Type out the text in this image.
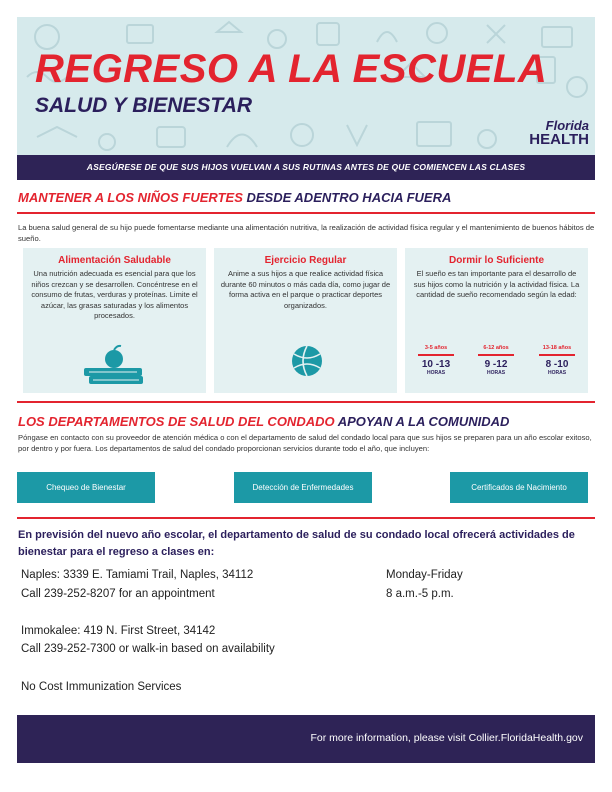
REGRESO A LA ESCUELA
SALUD Y BIENESTAR
Florida
HEALTH
ASEGÚRESE DE QUE SUS HIJOS VUELVAN A SUS RUTINAS ANTES DE QUE COMIENCEN LAS CLASES
MANTENER A LOS NIÑOS FUERTES DESDE ADENTRO HACIA FUERA
La buena salud general de su hijo puede fomentarse mediante una alimentación nutritiva, la realización de actividad física regular y el mantenimiento de buenos hábitos de sueño.
Alimentación Saludable
Una nutrición adecuada es esencial para que los niños crezcan y se desarrollen. Concéntrese en el consumo de frutas, verduras y proteínas. Limite el azúcar, las grasas saturadas y los alimentos procesados.
Ejercicio Regular
Anime a sus hijos a que realice actividad física durante 60 minutos o más cada día, como jugar de forma activa en el parque o practicar deportes organizados.
Dormir lo Suficiente
El sueño es tan importante para el desarrollo de sus hijos como la nutrición y la actividad física. La cantidad de sueño recomendado según la edad:
3-5 años
10 -13
HORAS
6-12 años
9 -12
HORAS
13-18 años
8 -10
HORAS
LOS DEPARTAMENTOS DE SALUD DEL CONDADO APOYAN A LA COMUNIDAD
Póngase en contacto con su proveedor de atención médica o con el departamento de salud del condado local para que sus hijos se preparen para un año escolar exitoso, por dentro y por fuera. Los departamentos de salud del condado proporcionan servicios durante todo el año, que incluyen:
Chequeo de Bienestar	Detección de Enfermedades	Certificados de Nacimiento
En previsión del nuevo año escolar, el departamento de salud de su condado local ofrecerá actividades de bienestar para el regreso a clases en:
Naples: 3339 E. Tamiami Trail, Naples, 34112
Call 239-252-8207 for an appointment
Monday-Friday
8 a.m.-5 p.m.
Immokalee: 419 N. First Street, 34142
Call 239-252-7300 or walk-in based on availability
No Cost Immunization Services
For more information, please visit Collier.FloridaHealth.gov
